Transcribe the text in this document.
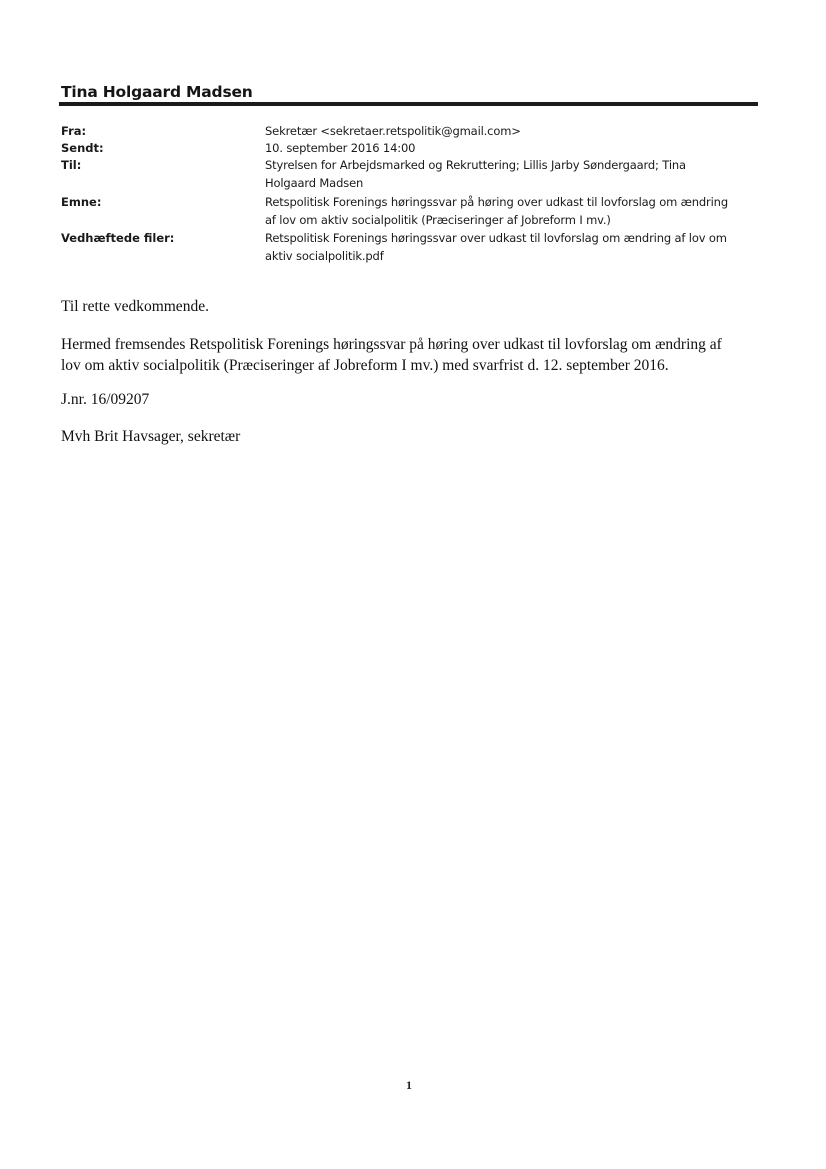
Tina Holgaard Madsen
Fra:	Sekretær <sekretaer.retspolitik@gmail.com>
Sendt:	10. september 2016 14:00
Til:	Styrelsen for Arbejdsmarked og Rekruttering; Lillis Jarby Søndergaard; Tina
Holgaard Madsen
Emne:	Retspolitisk Forenings høringssvar på høring over udkast til lovforslag om ændring
af lov om aktiv socialpolitik (Præciseringer af Jobreform I mv.)
Vedhæftede filer:	Retspolitisk Forenings høringssvar over udkast til lovforslag om ændring af lov om
aktiv socialpolitik.pdf
Til rette vedkommende.
Hermed fremsendes Retspolitisk Forenings høringssvar på høring over udkast til lovforslag om ændring af
lov om aktiv socialpolitik (Præciseringer af Jobreform I mv.) med svarfrist d. 12. september 2016.
J.nr. 16/09207
Mvh Brit Havsager, sekretær
1
